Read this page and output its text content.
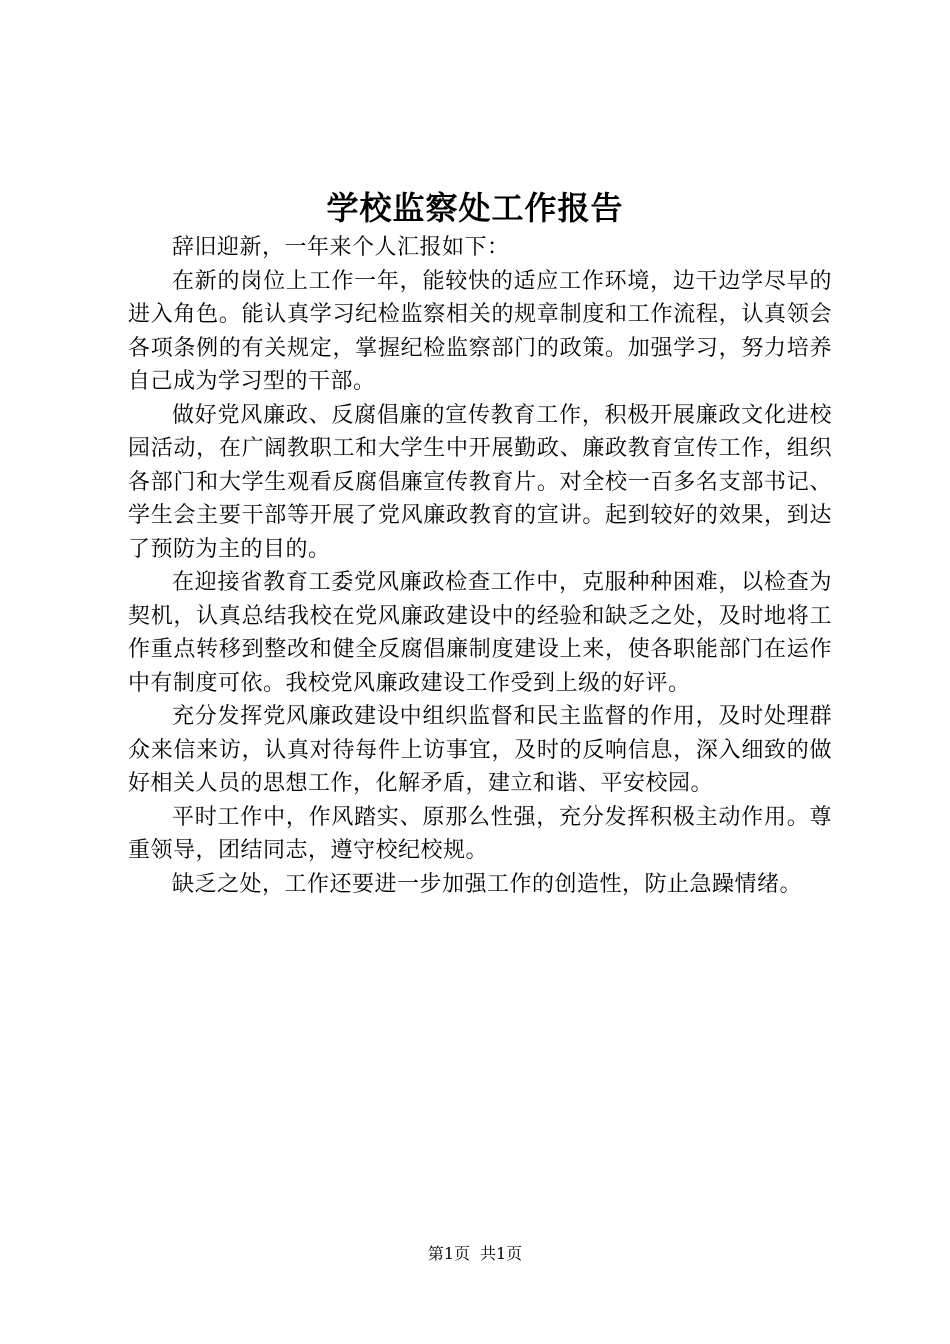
学校监察处工作报告

辞旧迎新，一年来个人汇报如下：

在新的岗位上工作一年，能较快的适应工作环境，边干边学尽早的进入角色。能认真学习纪检监察相关的规章制度和工作流程，认真领会各项条例的有关规定，掌握纪检监察部门的政策。加强学习，努力培养自己成为学习型的干部。

做好党风廉政、反腐倡廉的宣传教育工作，积极开展廉政文化进校园活动，在广阔教职工和大学生中开展勤政、廉政教育宣传工作，组织各部门和大学生观看反腐倡廉宣传教育片。对全校一百多名支部书记、学生会主要干部等开展了党风廉政教育的宣讲。起到较好的效果，到达了预防为主的目的。

在迎接省教育工委党风廉政检查工作中，克服种种困难，以检查为契机，认真总结我校在党风廉政建设中的经验和缺乏之处，及时地将工作重点转移到整改和健全反腐倡廉制度建设上来，使各职能部门在运作中有制度可依。我校党风廉政建设工作受到上级的好评。

充分发挥党风廉政建设中组织监督和民主监督的作用，及时处理群众来信来访，认真对待每件上访事宜，及时的反响信息，深入细致的做好相关人员的思想工作，化解矛盾，建立和谐、平安校园。

平时工作中，作风踏实、原那么性强，充分发挥积极主动作用。尊重领导，团结同志，遵守校纪校规。

缺乏之处，工作还要进一步加强工作的创造性，防止急躁情绪。

第1页 共1页
